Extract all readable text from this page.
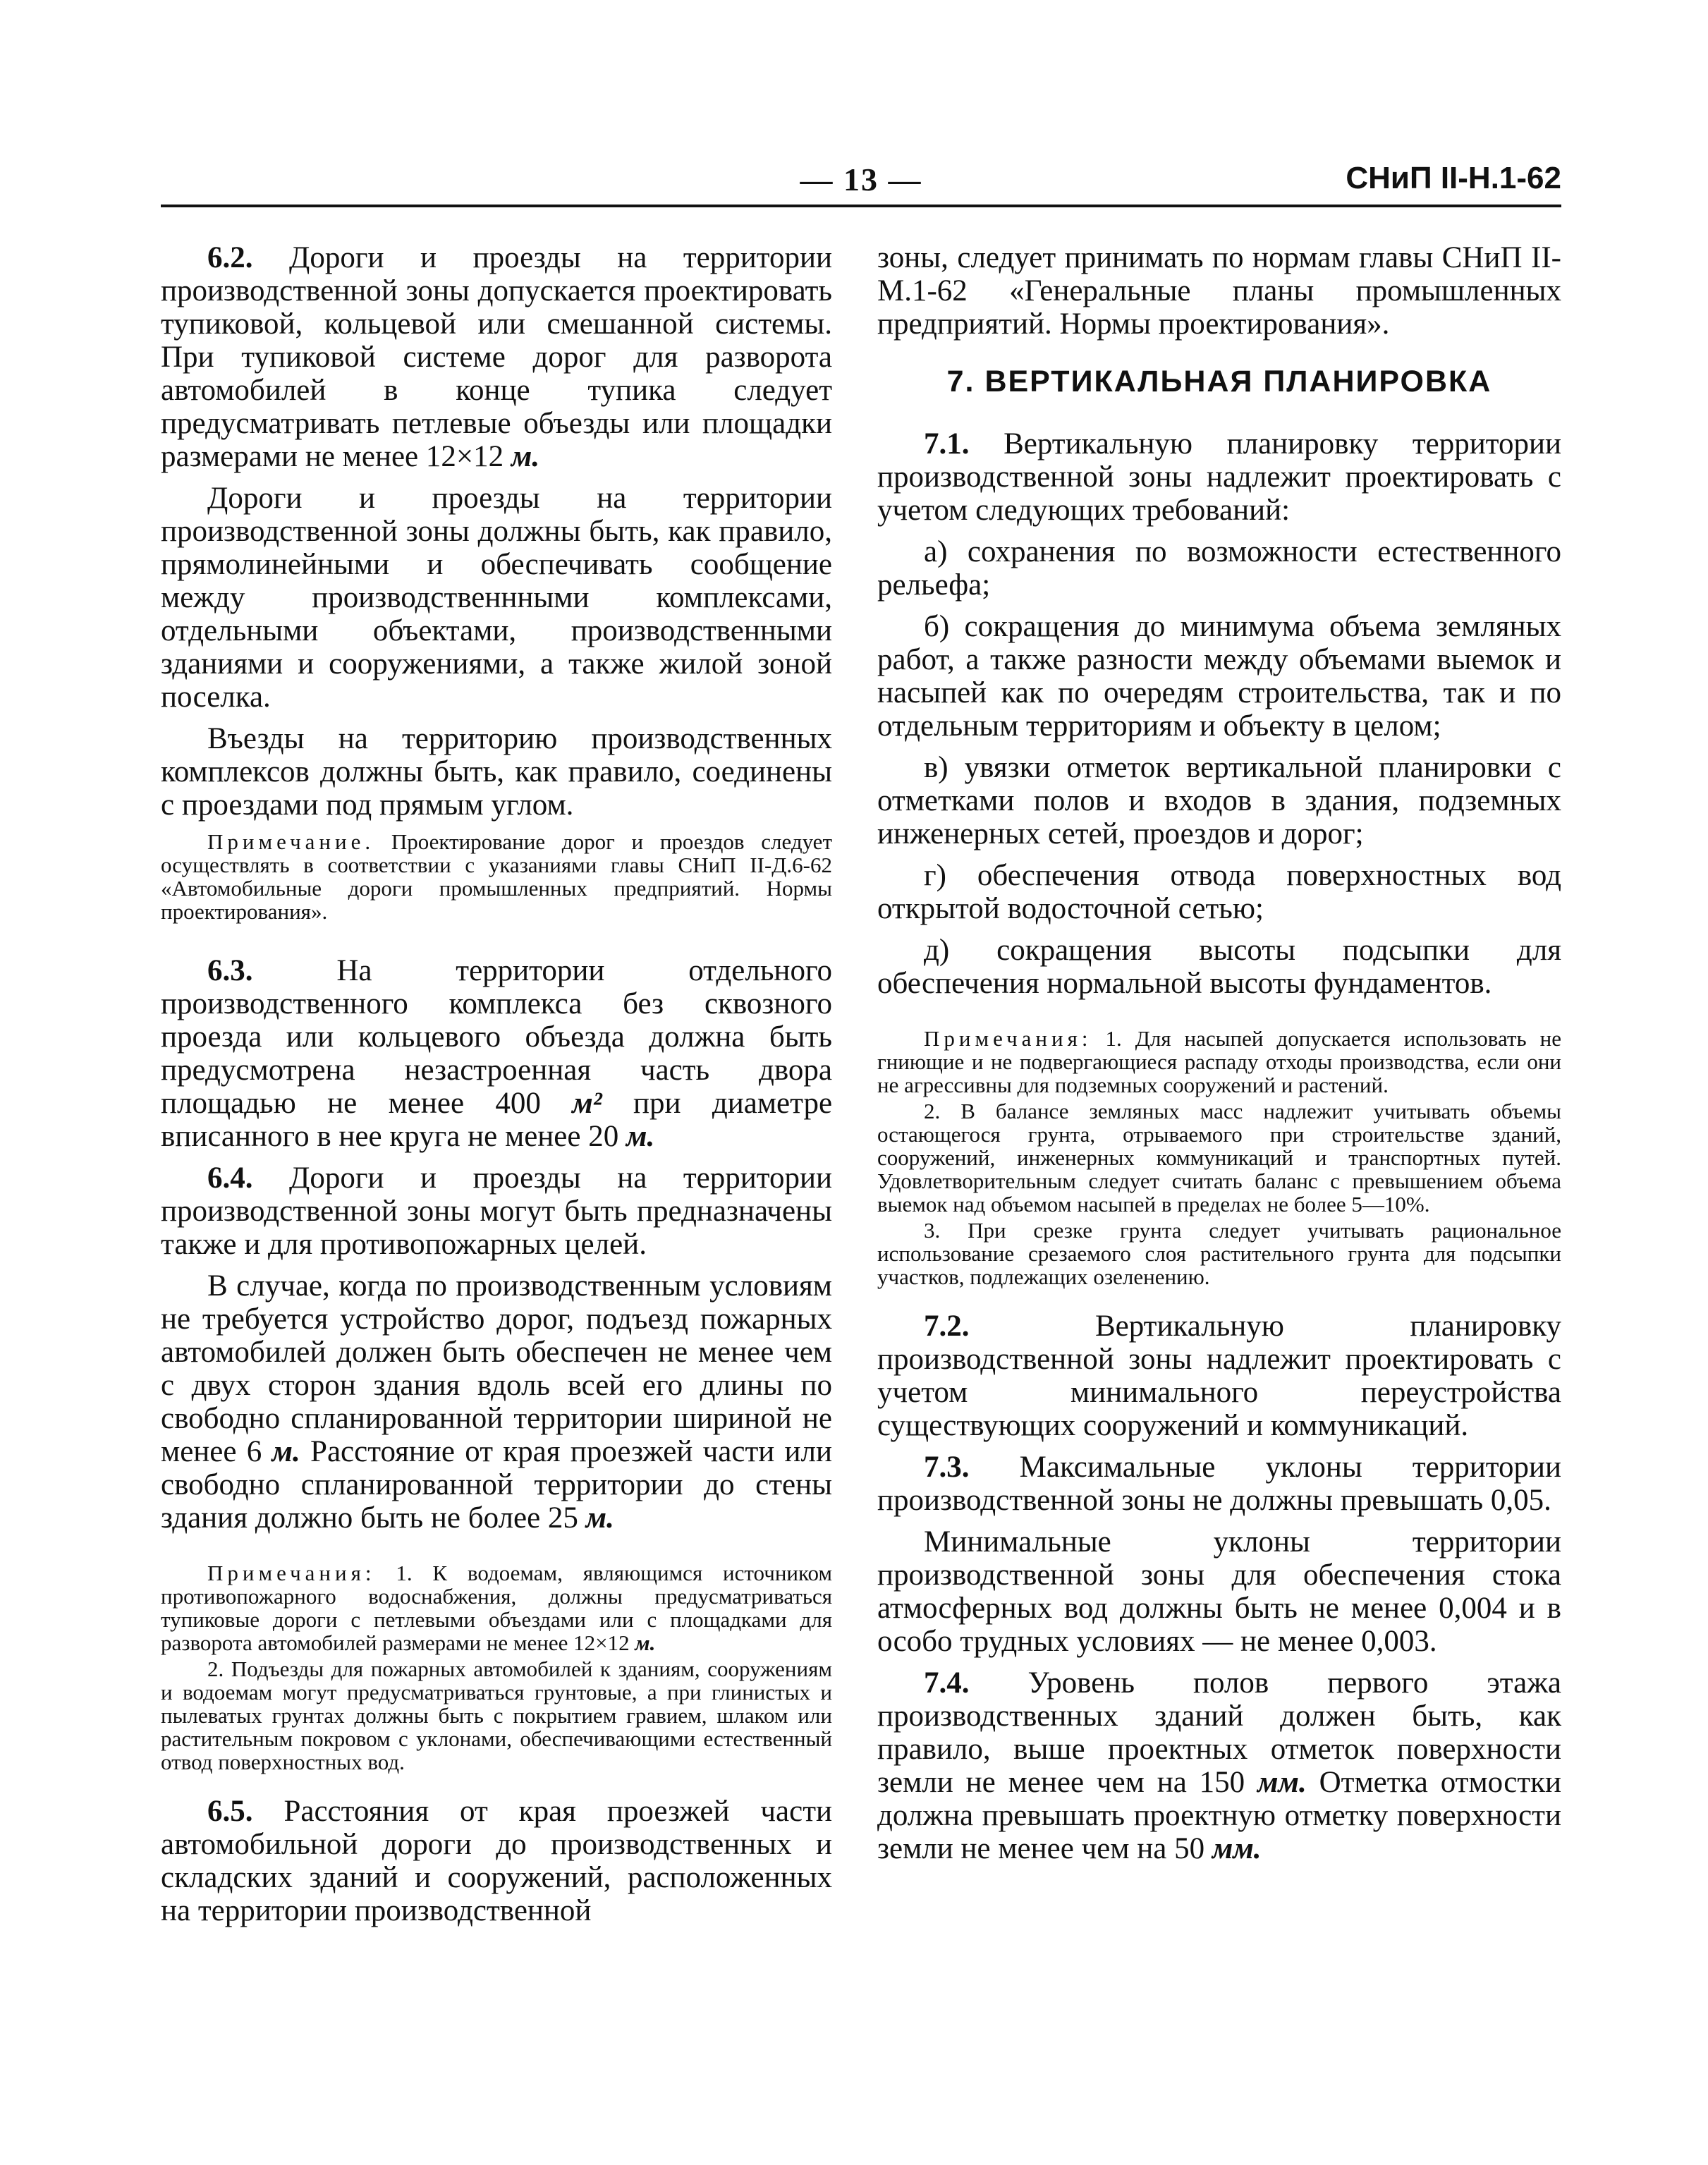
— 13 —	СНиП II-Н.1-62

6.2. Дороги и проезды на территории производственной зоны допускается проектировать тупиковой, кольцевой или смешанной системы. При тупиковой системе дорог для разворота автомобилей в конце тупика следует предусматривать петлевые объезды или площадки размерами не менее 12×12 м.

Дороги и проезды на территории производственной зоны должны быть, как правило, прямолинейными и обеспечивать сообщение между производственнными комплексами, отдельными объектами, производственными зданиями и сооружениями, а также жилой зоной поселка.

Въезды на территорию производственных комплексов должны быть, как правило, соединены с проездами под прямым углом.

Примечание. Проектирование дорог и проездов следует осуществлять в соответствии с указаниями главы СНиП II-Д.6-62 «Автомобильные дороги промышленных предприятий. Нормы проектирования».

6.3.	На территории отдельного производственного комплекса без сквозного проезда или кольцевого объезда должна быть предусмотрена незастроенная часть двора площадью не менее 400 м² при диаметре вписанного в нее круга не менее 20 м.

6.4. Дороги и проезды на территории производственной зоны могут быть предназначены также и для противопожарных целей.

В случае, когда по производственным условиям не требуется устройство дорог, подъезд пожарных автомобилей должен быть обеспечен не менее чем с двух сторон здания вдоль всей его длины по свободно спланированной территории шириной не менее 6 м. Расстояние от края проезжей части или свободно спланированной территории до стены здания должно быть не более 25 м.

Примечания: 1. К водоемам, являющимся источником противопожарного водоснабжения, должны предусматриваться тупиковые дороги с петлевыми объездами или с площадками для разворота автомобилей размерами не менее 12×12 м.

2. Подъезды для пожарных автомобилей к зданиям, сооружениям и водоемам могут предусматриваться грунтовые, а при глинистых и пылеватых грунтах должны быть с покрытием гравием, шлаком или растительным покровом с уклонами, обеспечивающими естественный отвод поверхностных вод.

6.5. Расстояния от края проезжей части автомобильной дороги до производственных и складских зданий и сооружений, расположенных на территории производственной

зоны, следует принимать по нормам главы СНиП II-М.1-62 «Генеральные планы промышленных предприятий. Нормы проектирования».

7. ВЕРТИКАЛЬНАЯ ПЛАНИРОВКА

7.1. Вертикальную планировку территории производственной зоны надлежит проектировать с учетом следующих требований:

а) сохранения по возможности естественного рельефа;

б) сокращения до минимума объема земляных работ, а также разности между объемами выемок и насыпей как по очередям строительства, так и по отдельным территориям и объекту в целом;

в) увязки отметок вертикальной планировки с отметками полов и входов в здания, подземных инженерных сетей, проездов и дорог;

г) обеспечения отвода поверхностных вод открытой водосточной сетью;

д) сокращения высоты подсыпки для обеспечения нормальной высоты фундаментов.

Примечания: 1. Для насыпей допускается использовать не гниющие и не подвергающиеся распаду отходы производства, если они не агрессивны для подземных сооружений и растений.

2. В балансе земляных масс надлежит учитывать объемы остающегося грунта, отрываемого при строительстве зданий, сооружений, инженерных коммуникаций и транспортных путей. Удовлетворительным следует считать баланс с превышением объема выемок над объемом насыпей в пределах не более 5—10%.

3. При срезке грунта следует учитывать рациональное использование срезаемого слоя растительного грунта для подсыпки участков, подлежащих озеленению.

7.2.	Вертикальную планировку производственной зоны надлежит проектировать с учетом минимального переустройства существующих сооружений и коммуникаций.

7.3. Максимальные уклоны территории производственной зоны не должны превышать 0,05.

Минимальные уклоны территории производственной зоны для обеспечения стока атмосферных вод должны быть не менее 0,004 и в особо трудных условиях — не менее 0,003.

7.4. Уровень полов первого этажа производственных зданий должен быть, как правило, выше проектных отметок поверхности земли не менее чем на 150 мм. Отметка отмостки должна превышать проектную отметку поверхности земли не менее чем на 50 мм.
